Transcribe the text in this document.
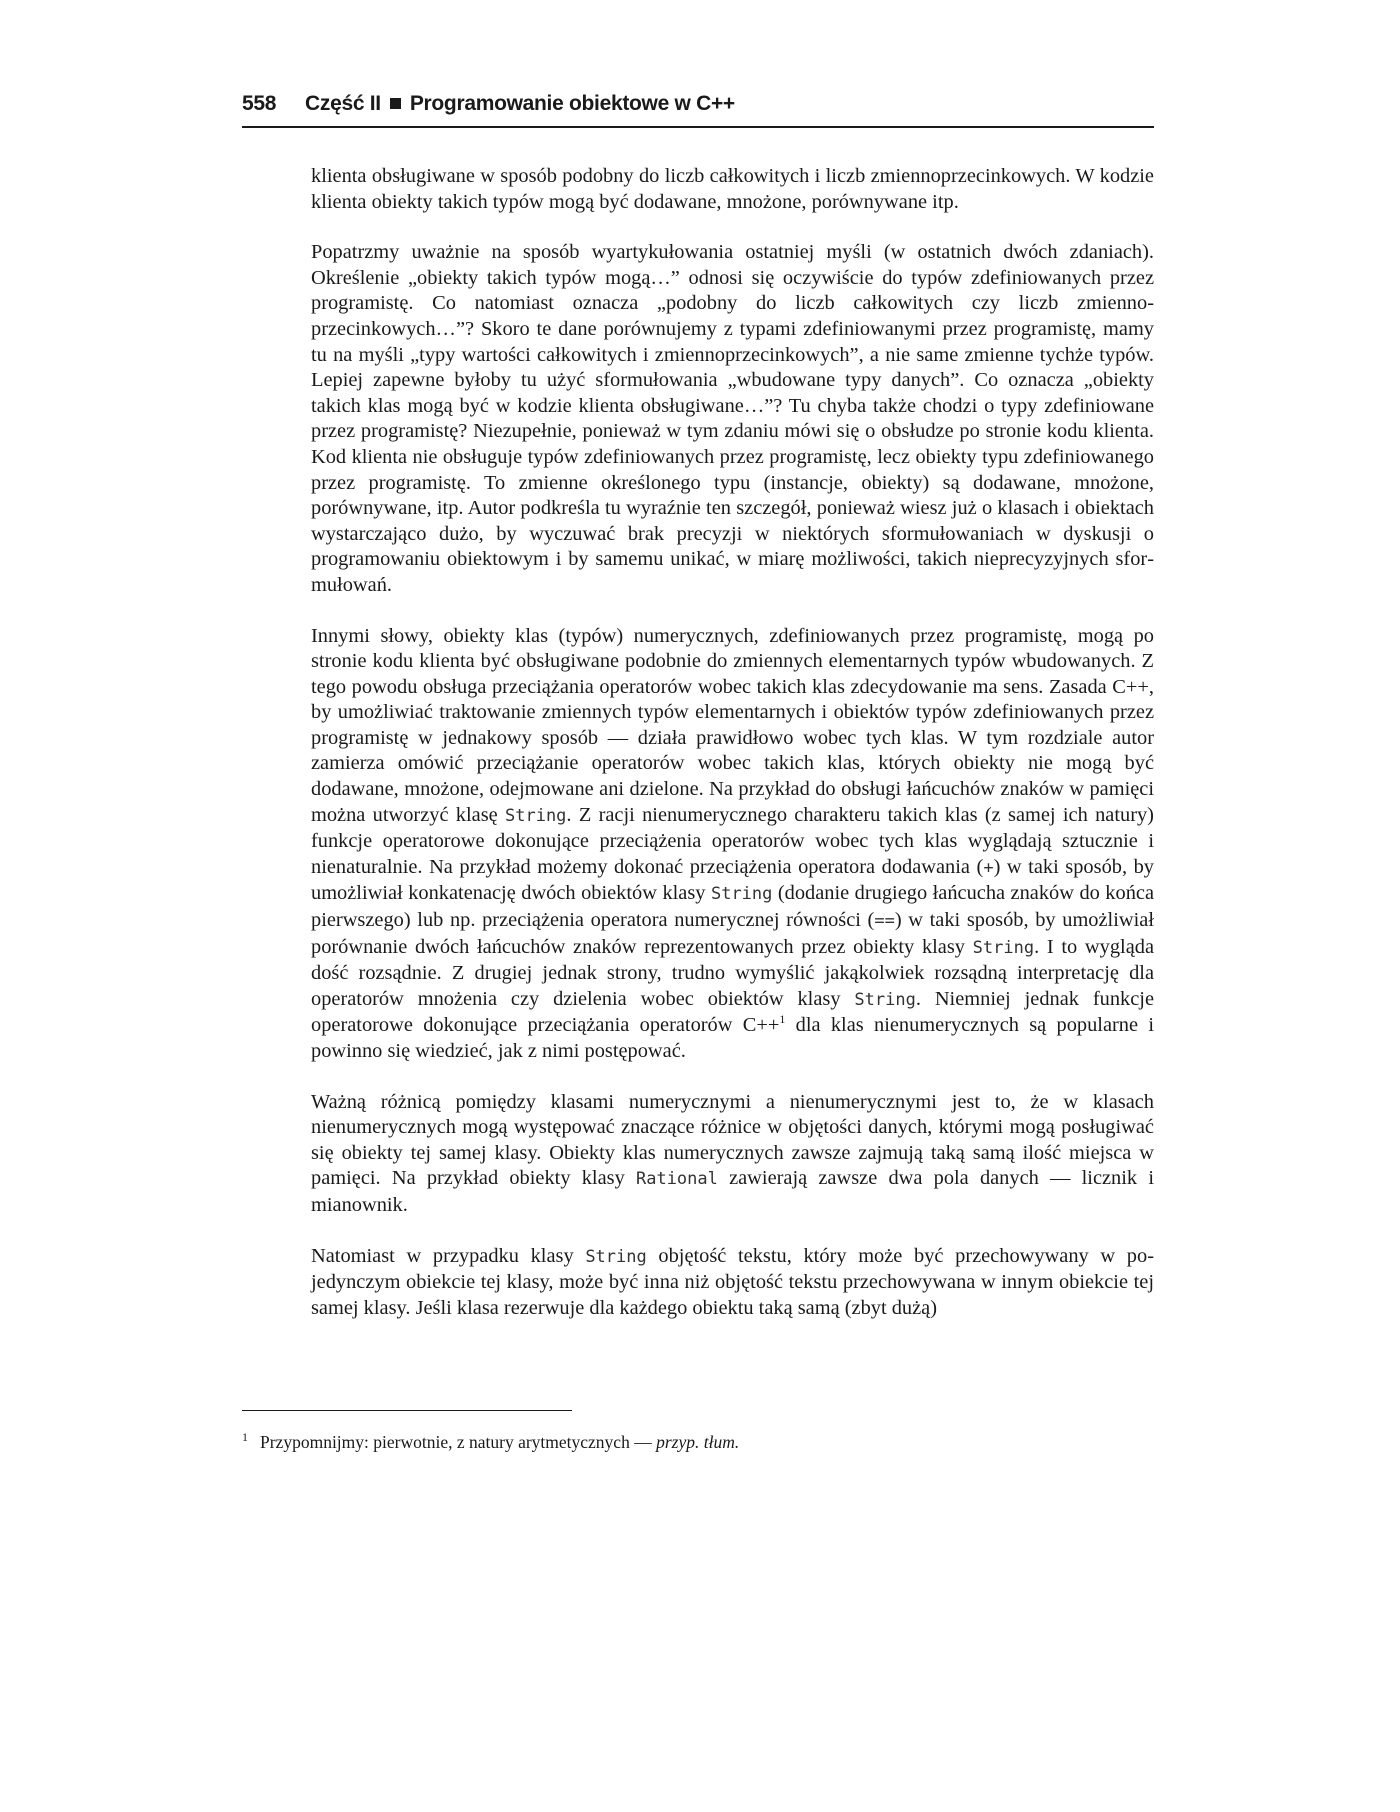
558	Część II Programowanie obiektowe w C++

klienta obsługiwane w sposób podobny do liczb całkowitych i liczb zmiennoprzecinkowych. W kodzie klienta obiekty takich typów mogą być dodawane, mnożone, porównywane itp.

Popatrzmy uważnie na sposób wyartykułowania ostatniej myśli (w ostatnich dwóch zdaniach). Określenie „obiekty takich typów mogą…” odnosi się oczywiście do typów zdefiniowanych przez programistę. Co natomiast oznacza „podobny do liczb całkowitych czy liczb zmiennoprzecinkowych…”? Skoro te dane porównujemy z typami zdefiniowanymi przez programistę, mamy tu na myśli „typy wartości całkowitych i zmiennoprzecinkowych”, a nie same zmienne tychże typów. Lepiej zapewne byłoby tu użyć sformułowania „wbudowane typy danych”. Co oznacza „obiekty takich klas mogą być w kodzie klienta obsługiwane…”? Tu chyba także chodzi o typy zdefiniowane przez programistę? Niezupełnie, ponieważ w tym zdaniu mówi się o obsłudze po stronie kodu klienta. Kod klienta nie obsługuje typów zdefiniowanych przez programistę, lecz obiekty typu zdefiniowanego przez programistę. To zmienne określonego typu (instancje, obiekty) są dodawane, mnożone, porównywane, itp. Autor podkreśla tu wyraźnie ten szczegół, ponieważ wiesz już o klasach i obiektach wystarczająco dużo, by wyczuwać brak precyzji w niektórych sformułowaniach w dyskusji o programowaniu obiektowym i by samemu unikać, w miarę możliwości, takich nieprecyzyjnych sformułowań.

Innymi słowy, obiekty klas (typów) numerycznych, zdefiniowanych przez programistę, mogą po stronie kodu klienta być obsługiwane podobnie do zmiennych elementarnych typów wbudowanych. Z tego powodu obsługa przeciążania operatorów wobec takich klas zdecydowanie ma sens. Zasada C++, by umożliwiać traktowanie zmiennych typów elementarnych i obiektów typów zdefiniowanych przez programistę w jednakowy sposób — działa prawidłowo wobec tych klas. W tym rozdziale autor zamierza omówić przeciążanie operatorów wobec takich klas, których obiekty nie mogą być dodawane, mnożone, odejmowane ani dzielone. Na przykład do obsługi łańcuchów znaków w pamięci można utworzyć klasę String. Z racji nienumerycznego charakteru takich klas (z samej ich natury) funkcje operatorowe dokonujące przeciążenia operatorów wobec tych klas wyglądają sztucznie i nienaturalnie. Na przykład możemy dokonać przeciążenia operatora dodawania (+) w taki sposób, by umożliwiał konkatenację dwóch obiektów klasy String (dodanie drugiego łańcucha znaków do końca pierwszego) lub np. przeciążenia operatora numerycznej równości (==) w taki sposób, by umożliwiał porównanie dwóch łańcuchów znaków reprezentowanych przez obiekty klasy String. I to wygląda dość rozsądnie. Z drugiej jednak strony, trudno wymyślić jakąkolwiek rozsądną interpretację dla operatorów mnożenia czy dzielenia wobec obiektów klasy String. Niemniej jednak funkcje operatorowe dokonujące przeciążania operatorów C++$^1$ dla klas nienumerycznych są popularne i powinno się wiedzieć, jak z nimi postępować.

Ważną różnicą pomiędzy klasami numerycznymi a nienumerycznymi jest to, że w klasach nienumerycznych mogą występować znaczące różnice w objętości danych, którymi mogą posługiwać się obiekty tej samej klasy. Obiekty klas numerycznych zawsze zajmują taką samą ilość miejsca w pamięci. Na przykład obiekty klasy Rational zawierają zawsze dwa pola danych — licznik i mianownik.

Natomiast w przypadku klasy String objętość tekstu, który może być przechowywany w pojedynczym obiekcie tej klasy, może być inna niż objętość tekstu przechowywana w innym obiekcie tej samej klasy. Jeśli klasa rezerwuje dla każdego obiektu taką samą (zbyt dużą)

$^1$ Przypomnijmy: pierwotnie, z natury arytmetycznych — przyp. tłum.
